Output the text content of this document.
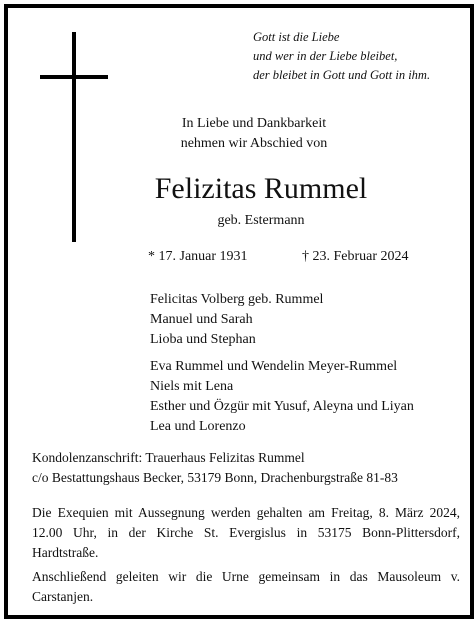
Gott ist die Liebe
und wer in der Liebe bleibet,
der bleibet in Gott und Gott in ihm.
In Liebe und Dankbarkeit
nehmen wir Abschied von
Felizitas Rummel
geb. Estermann
* 17. Januar 1931	† 23. Februar 2024
Felicitas Volberg geb. Rummel
Manuel und Sarah
Lioba und Stephan
Eva Rummel und Wendelin Meyer-Rummel
Niels mit Lena
Esther und Özgür mit Yusuf, Aleyna und Liyan
Lea und Lorenzo
Kondolenzanschrift: Trauerhaus Felizitas Rummel
c/o Bestattungshaus Becker, 53179 Bonn, Drachenburgstraße 81-83

Die Exequien mit Aussegnung werden gehalten am Freitag, 8. März 2024, 12.00 Uhr, in der Kirche St. Evergislus in 53175 Bonn-Plittersdorf, Hardtstraße.

Anschließend geleiten wir die Urne gemeinsam in das Mausoleum v. Carstanjen.
